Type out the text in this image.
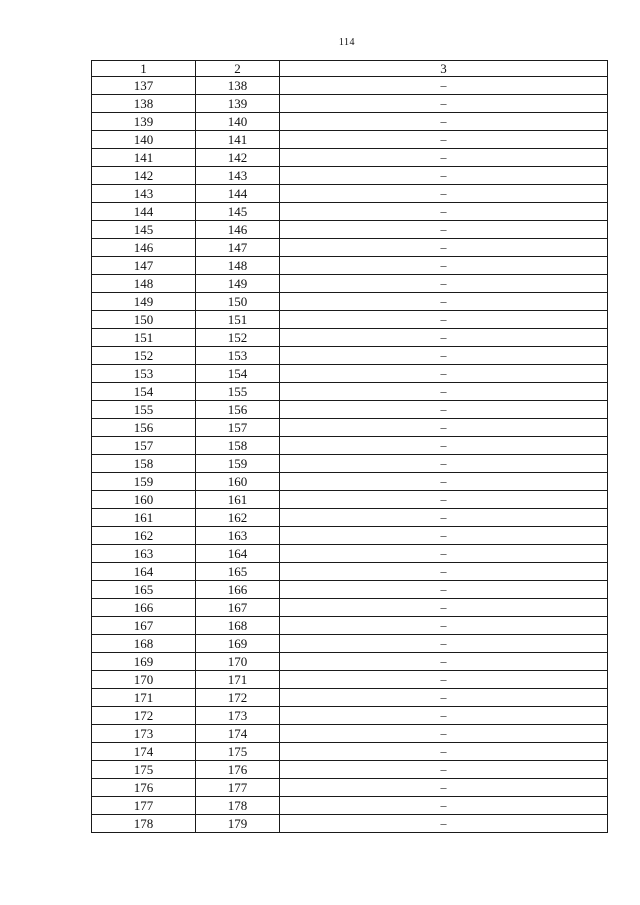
114
1	2	3
137	138	–
138	139	–
139	140	–
140	141	–
141	142	–
142	143	–
143	144	–
144	145	–
145	146	–
146	147	–
147	148	–
148	149	–
149	150	–
150	151	–
151	152	–
152	153	–
153	154	–
154	155	–
155	156	–
156	157	–
157	158	–
158	159	–
159	160	–
160	161	–
161	162	–
162	163	–
163	164	–
164	165	–
165	166	–
166	167	–
167	168	–
168	169	–
169	170	–
170	171	–
171	172	–
172	173	–
173	174	–
174	175	–
175	176	–
176	177	–
177	178	–
178	179	–
